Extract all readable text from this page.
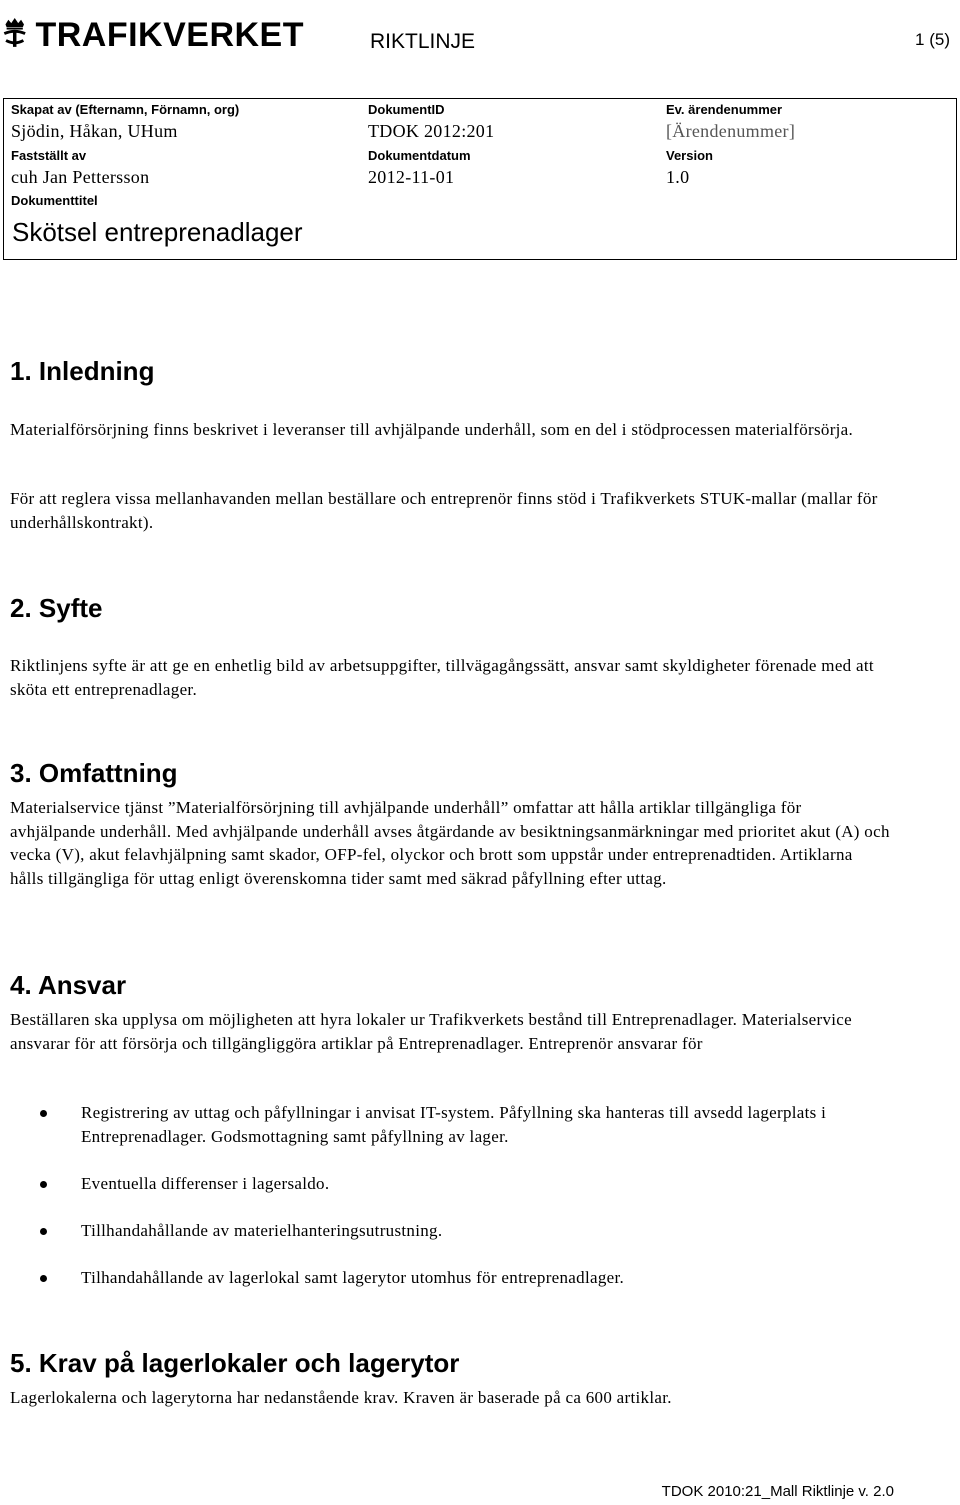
TRAFIKVERKET	RIKTLINJE	1 (5)
Skapat av (Efternamn, Förnamn, org)
Sjödin, Håkan, UHum
DokumentID
TDOK 2012:201
Ev. ärendenummer
[Ärendenummer]
Fastställt av
cuh Jan Pettersson
Dokumentdatum
2012-11-01
Version
1.0
Dokumenttitel
Skötsel entreprenadlager
1. Inledning

Materialförsörjning finns beskrivet i leveranser till avhjälpande underhåll, som en del i stödprocessen materialförsörja.

För att reglera vissa mellanhavanden mellan beställare och entreprenör finns stöd i Trafikverkets STUK-mallar (mallar för underhållskontrakt).

2. Syfte

Riktlinjens syfte är att ge en enhetlig bild av arbetsuppgifter, tillvägagångssätt, ansvar samt skyldigheter förenade med att sköta ett entreprenadlager.

3. Omfattning

Materialservice tjänst ”Materialförsörjning till avhjälpande underhåll” omfattar att hålla artiklar tillgängliga för avhjälpande underhåll. Med avhjälpande underhåll avses åtgärdande av besiktningsanmärkningar med prioritet akut (A) och vecka (V), akut felavhjälpning samt skador, OFP-fel, olyckor och brott som uppstår under entreprenadtiden. Artiklarna hålls tillgängliga för uttag enligt överenskomna tider samt med säkrad påfyllning efter uttag.

4. Ansvar

Beställaren ska upplysa om möjligheten att hyra lokaler ur Trafikverkets bestånd till Entreprenadlager. Materialservice ansvarar för att försörja och tillgängliggöra artiklar på Entreprenadlager. Entreprenör ansvarar för

Registrering av uttag och påfyllningar i anvisat IT-system. Påfyllning ska hanteras till avsedd lagerplats i Entreprenadlager. Godsmottagning samt påfyllning av lager.
Eventuella differenser i lagersaldo.
Tillhandahållande av materielhanteringsutrustning.
Tilhandahållande av lagerlokal samt lagerytor utomhus för entreprenadlager.
5. Krav på lagerlokaler och lagerytor

Lagerlokalerna och lagerytorna har nedanstående krav. Kraven är baserade på ca 600 artiklar.

TDOK 2010:21_Mall Riktlinje v. 2.0
